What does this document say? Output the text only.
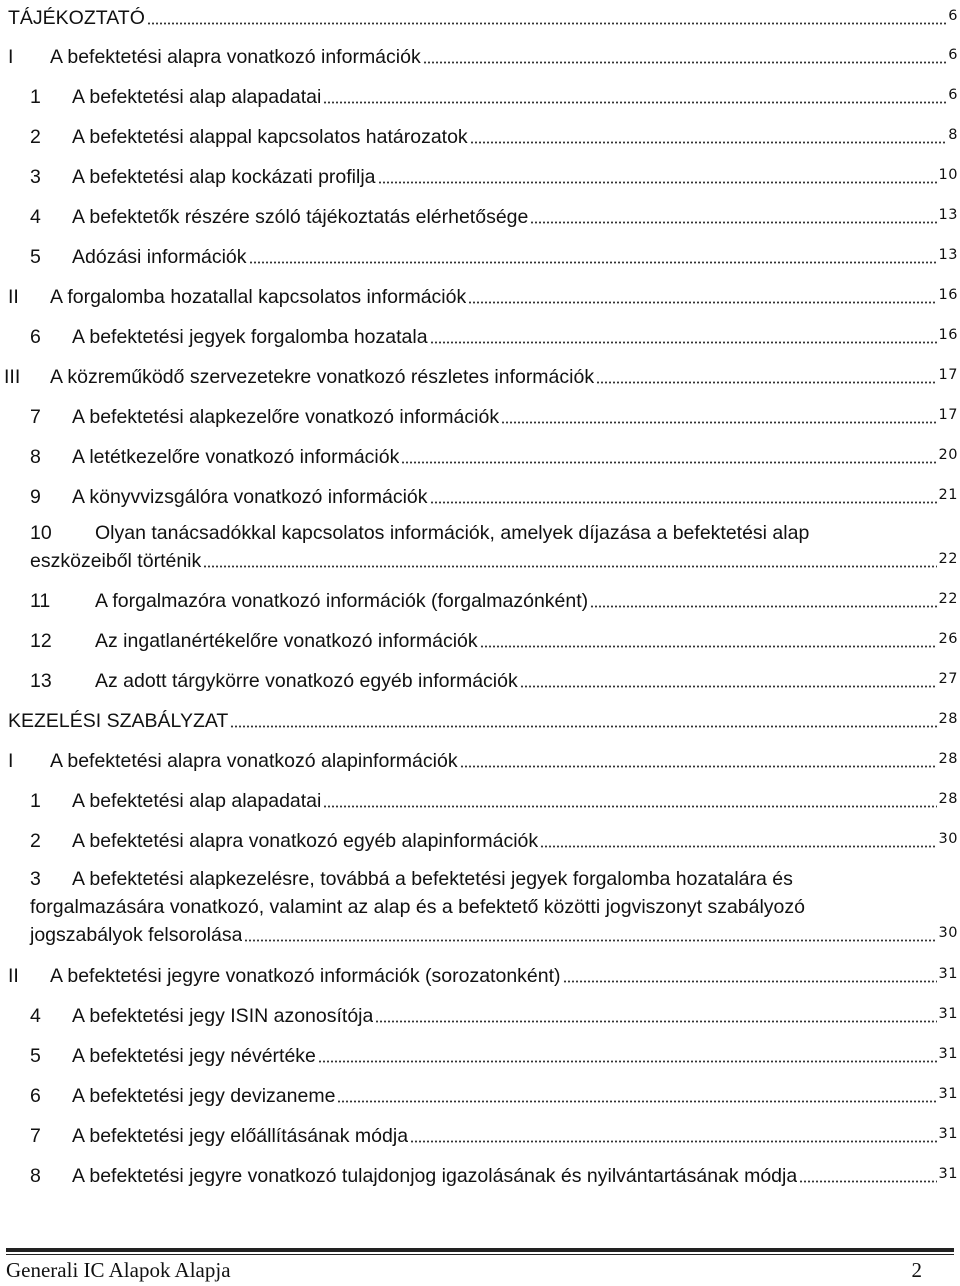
TÁJÉKOZTATÓ	6
I	A befektetési alapra vonatkozó információk	6
1	A befektetési alap alapadatai	6
2	A befektetési alappal kapcsolatos határozatok	8
3	A befektetési alap kockázati profilja	10
4	A befektetők részére szóló tájékoztatás elérhetősége	13
5	Adózási információk	13
II	A forgalomba hozatallal kapcsolatos információk	16
6	A befektetési jegyek forgalomba hozatala	16
III	A közreműködő szervezetekre vonatkozó részletes információk	17
7	A befektetési alapkezelőre vonatkozó információk	17
8	A letétkezelőre vonatkozó információk	20
9	A könyvvizsgálóra vonatkozó információk	21
10 Olyan tanácsadókkal kapcsolatos információk, amelyek díjazása a befektetési alap
eszközeiből történik	22
11	A forgalmazóra vonatkozó információk (forgalmazónként)	22
12	Az ingatlanértékelőre vonatkozó információk	26
13	Az adott tárgykörre vonatkozó egyéb információk	27
KEZELÉSI SZABÁLYZAT	28
I	A befektetési alapra vonatkozó alapinformációk	28
1	A befektetési alap alapadatai	28
2	A befektetési alapra vonatkozó egyéb alapinformációk	30
3 A befektetési alapkezelésre, továbbá a befektetési jegyek forgalomba hozatalára és
forgalmazására vonatkozó, valamint az alap és a befektető közötti jogviszonyt szabályozó
jogszabályok felsorolása	30
II	A befektetési jegyre vonatkozó információk (sorozatonként)	31
4	A befektetési jegy ISIN azonosítója	31
5	A befektetési jegy névértéke	31
6	A befektetési jegy devizaneme	31
7	A befektetési jegy előállításának módja	31
8	A befektetési jegyre vonatkozó tulajdonjog igazolásának és nyilvántartásának módja	31
Generali IC Alapok Alapja	2
